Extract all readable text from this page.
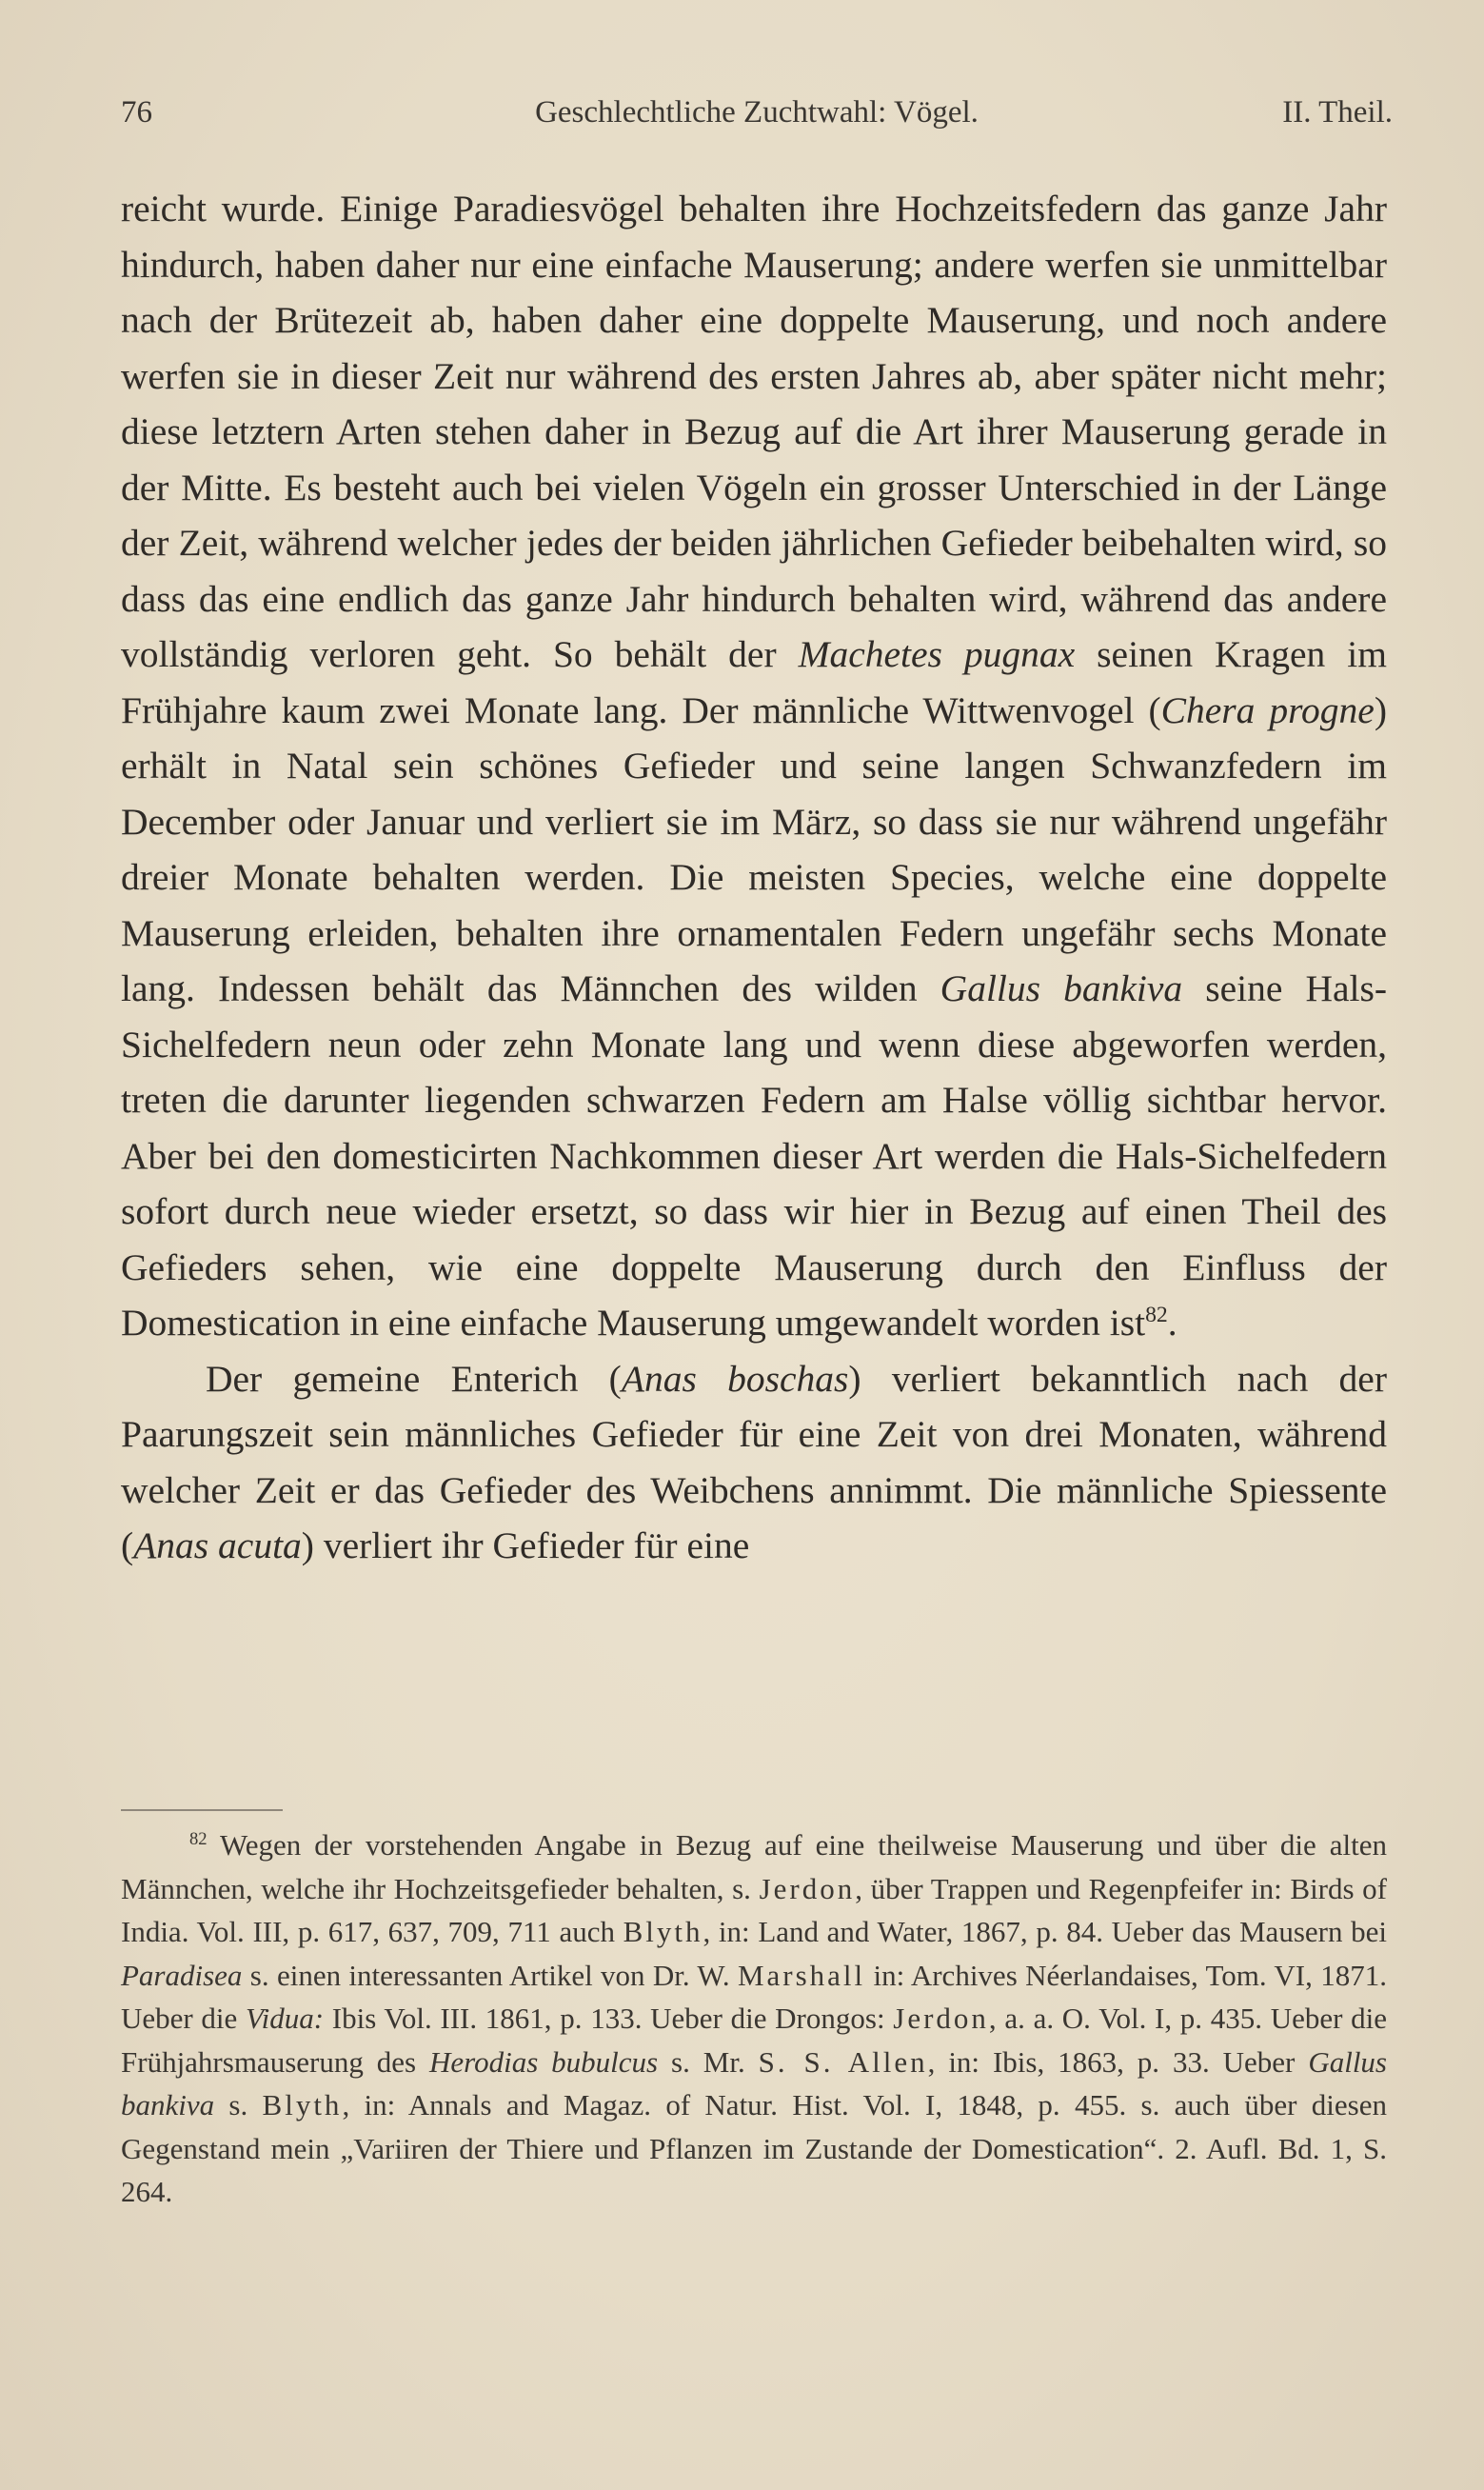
76	Geschlechtliche Zuchtwahl: Vögel.	II. Theil.

reicht wurde. Einige Paradiesvögel behalten ihre Hochzeitsfedern das ganze Jahr hindurch, haben daher nur eine einfache Mauserung; andere werfen sie unmittelbar nach der Brütezeit ab, haben daher eine doppelte Mauserung, und noch andere werfen sie in dieser Zeit nur während des ersten Jahres ab, aber später nicht mehr; diese letztern Arten stehen daher in Bezug auf die Art ihrer Mauserung gerade in der Mitte. Es besteht auch bei vielen Vögeln ein grosser Unterschied in der Länge der Zeit, während welcher jedes der beiden jährlichen Gefieder beibehalten wird, so dass das eine endlich das ganze Jahr hindurch behalten wird, während das andere vollständig verloren geht. So behält der Machetes pugnax seinen Kragen im Frühjahre kaum zwei Monate lang. Der männliche Wittwenvogel (Chera progne) erhält in Natal sein schönes Gefieder und seine langen Schwanzfedern im December oder Januar und verliert sie im März, so dass sie nur während ungefähr dreier Monate behalten werden. Die meisten Species, welche eine doppelte Mauserung erleiden, behalten ihre ornamentalen Federn ungefähr sechs Monate lang. Indessen behält das Männchen des wilden Gallus bankiva seine Hals-Sichelfedern neun oder zehn Monate lang und wenn diese abgeworfen werden, treten die darunter liegenden schwarzen Federn am Halse völlig sichtbar hervor. Aber bei den domesticirten Nachkommen dieser Art werden die Hals-Sichelfedern sofort durch neue wieder ersetzt, so dass wir hier in Bezug auf einen Theil des Gefieders sehen, wie eine doppelte Mauserung durch den Einfluss der Domestication in eine einfache Mauserung umgewandelt worden ist$^{82}$.

Der gemeine Enterich (Anas boschas) verliert bekanntlich nach der Paarungszeit sein männliches Gefieder für eine Zeit von drei Monaten, während welcher Zeit er das Gefieder des Weibchens annimmt. Die männliche Spiessente (Anas acuta) verliert ihr Gefieder für eine

$^{82}$ Wegen der vorstehenden Angabe in Bezug auf eine theilweise Mauserung und über die alten Männchen, welche ihr Hochzeitsgefieder behalten, s. Jerdon, über Trappen und Regenpfeifer in: Birds of India. Vol. III, p. 617, 637, 709, 711 auch Blyth, in: Land and Water, 1867, p. 84. Ueber das Mausern bei Paradisea s. einen interessanten Artikel von Dr. W. Marshall in: Archives Néerlandaises, Tom. VI, 1871. Ueber die Vidua: Ibis Vol. III. 1861, p. 133. Ueber die Drongos: Jerdon, a. a. O. Vol. I, p. 435. Ueber die Frühjahrsmauserung des Herodias bubulcus s. Mr. S. S. Allen, in: Ibis, 1863, p. 33. Ueber Gallus bankiva s. Blyth, in: Annals and Magaz. of Natur. Hist. Vol. I, 1848, p. 455. s. auch über diesen Gegenstand mein „Variiren der Thiere und Pflanzen im Zustande der Domestication“. 2. Aufl. Bd. 1, S. 264.
